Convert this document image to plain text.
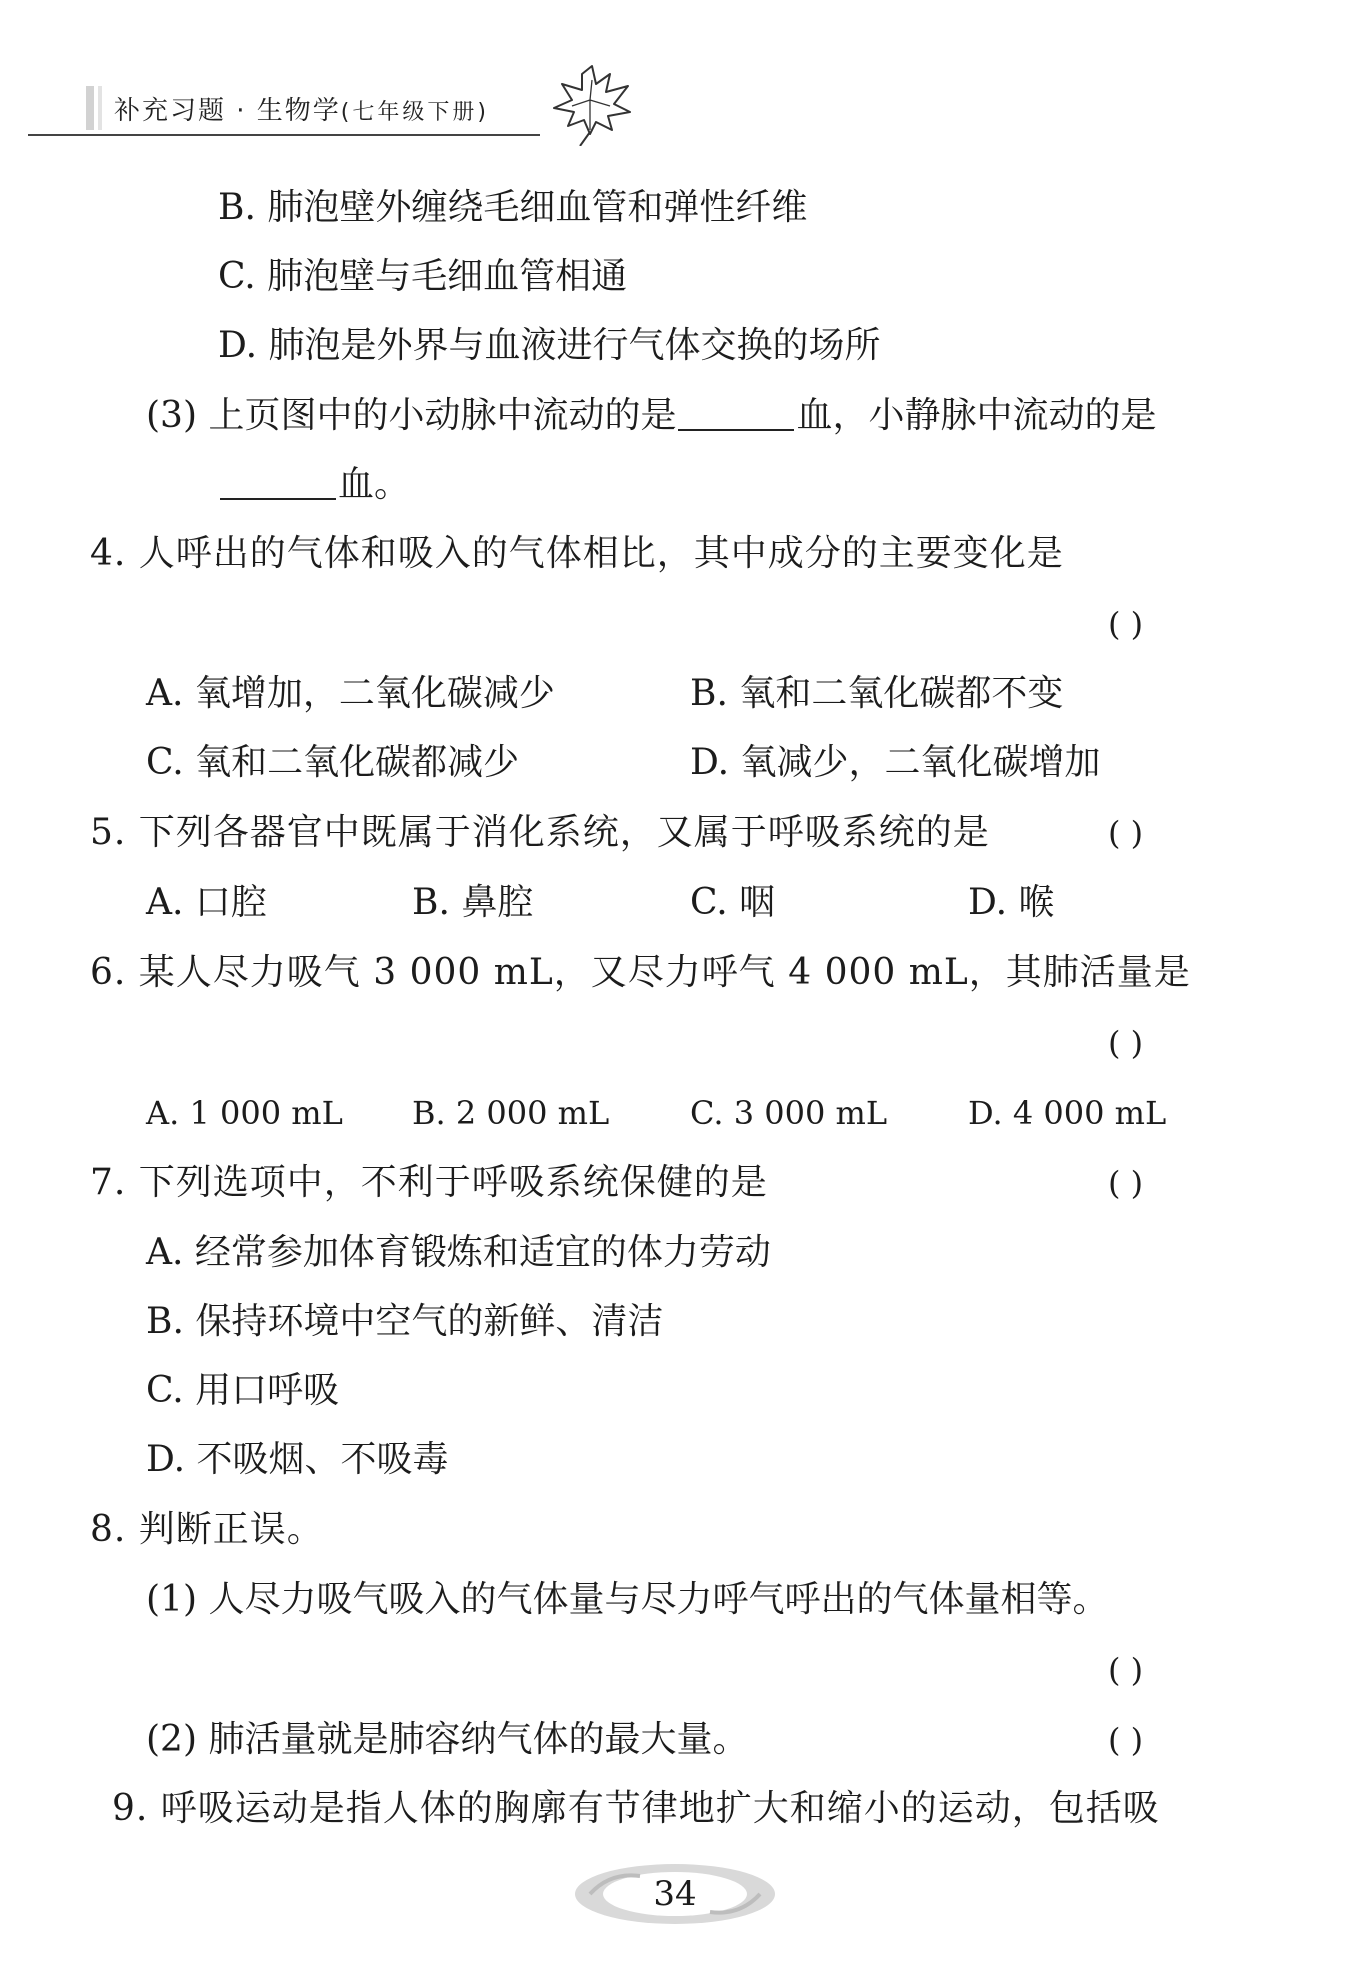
补充习题 · 生物学(七年级下册)
B. 肺泡壁外缠绕毛细血管和弹性纤维
C. 肺泡壁与毛细血管相通
D. 肺泡是外界与血液进行气体交换的场所
(3) 上页图中的小动脉中流动的是	血，小静脉中流动的是
血。
4. 人呼出的气体和吸入的气体相比，其中成分的主要变化是
( )
A. 氧增加，二氧化碳减少	B. 氧和二氧化碳都不变
C. 氧和二氧化碳都减少	D. 氧减少，二氧化碳增加
5. 下列各器官中既属于消化系统，又属于呼吸系统的是	( )
A. 口腔	B. 鼻腔	C. 咽	D. 喉
6. 某人尽力吸气 3 000 mL，又尽力呼气 4 000 mL，其肺活量是
( )
A. 1 000 mL B. 2 000 mL	C. 3 000 mL	D. 4 000 mL
7. 下列选项中，不利于呼吸系统保健的是	( )
A. 经常参加体育锻炼和适宜的体力劳动
B. 保持环境中空气的新鲜、清洁
C. 用口呼吸
D. 不吸烟、不吸毒
8. 判断正误。
(1) 人尽力吸气吸入的气体量与尽力呼气呼出的气体量相等。
( )
(2) 肺活量就是肺容纳气体的最大量。	( )
9. 呼吸运动是指人体的胸廓有节律地扩大和缩小的运动，包括吸
34
